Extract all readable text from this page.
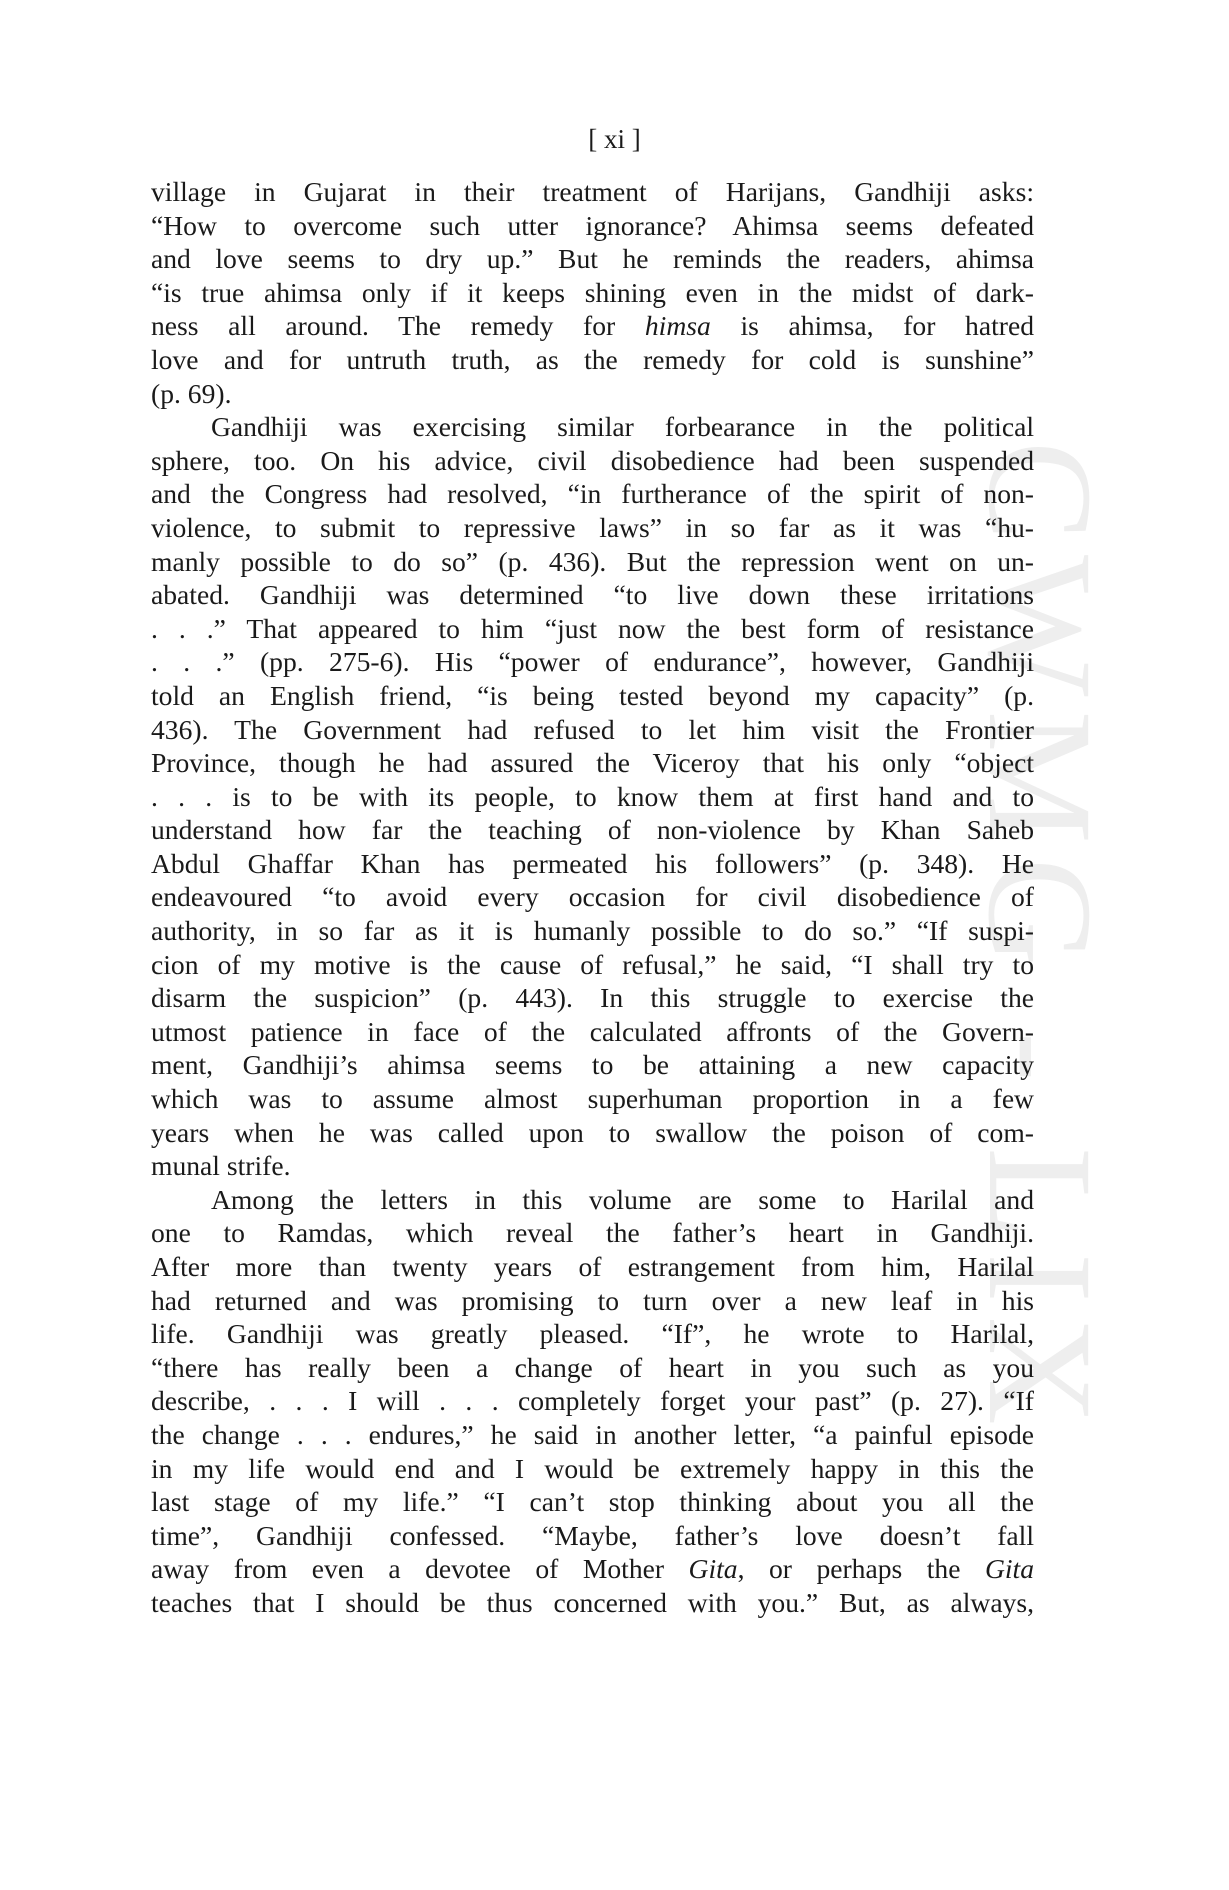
CWMG - LIX
[ xi ]

village in Gujarat in their treatment of Harijans, Gandhiji asks:

“How to overcome such utter ignorance? Ahimsa seems defeated

and love seems to dry up.” But he reminds the readers, ahimsa

“is true ahimsa only if it keeps shining even in the midst of dark-

ness all around. The remedy for himsa is ahimsa, for hatred

love and for untruth truth, as the remedy for cold is sunshine”

(p. 69).

Gandhiji was exercising similar forbearance in the political

sphere, too. On his advice, civil disobedience had been suspended

and the Congress had resolved, “in furtherance of the spirit of non-

violence, to submit to repressive laws” in so far as it was “hu-

manly possible to do so” (p. 436). But the repression went on un-

abated. Gandhiji was determined “to live down these irritations

. . .” That appeared to him “just now the best form of resistance

. . .” (pp. 275-6). His “power of endurance”, however, Gandhiji

told an English friend, “is being tested beyond my capacity” (p.

436). The Government had refused to let him visit the Frontier

Province, though he had assured the Viceroy that his only “object

. . . is to be with its people, to know them at first hand and to

understand how far the teaching of non-violence by Khan Saheb

Abdul Ghaffar Khan has permeated his followers” (p. 348). He

endeavoured “to avoid every occasion for civil disobedience of

authority, in so far as it is humanly possible to do so.” “If suspi-

cion of my motive is the cause of refusal,” he said, “I shall try to

disarm the suspicion” (p. 443). In this struggle to exercise the

utmost patience in face of the calculated affronts of the Govern-

ment, Gandhiji’s ahimsa seems to be attaining a new capacity

which was to assume almost superhuman proportion in a few

years when he was called upon to swallow the poison of com-

munal strife.

Among the letters in this volume are some to Harilal and

one to Ramdas, which reveal the father’s heart in Gandhiji.

After more than twenty years of estrangement from him, Harilal

had returned and was promising to turn over a new leaf in his

life. Gandhiji was greatly pleased. “If”, he wrote to Harilal,

“there has really been a change of heart in you such as you

describe, . . . I will . . . completely forget your past” (p. 27). “If

the change . . . endures,” he said in another letter, “a painful episode

in my life would end and I would be extremely happy in this the

last stage of my life.” “I can’t stop thinking about you all the

time”, Gandhiji confessed. “Maybe, father’s love doesn’t fall

away from even a devotee of Mother Gita, or perhaps the Gita

teaches that I should be thus concerned with you.” But, as always,
